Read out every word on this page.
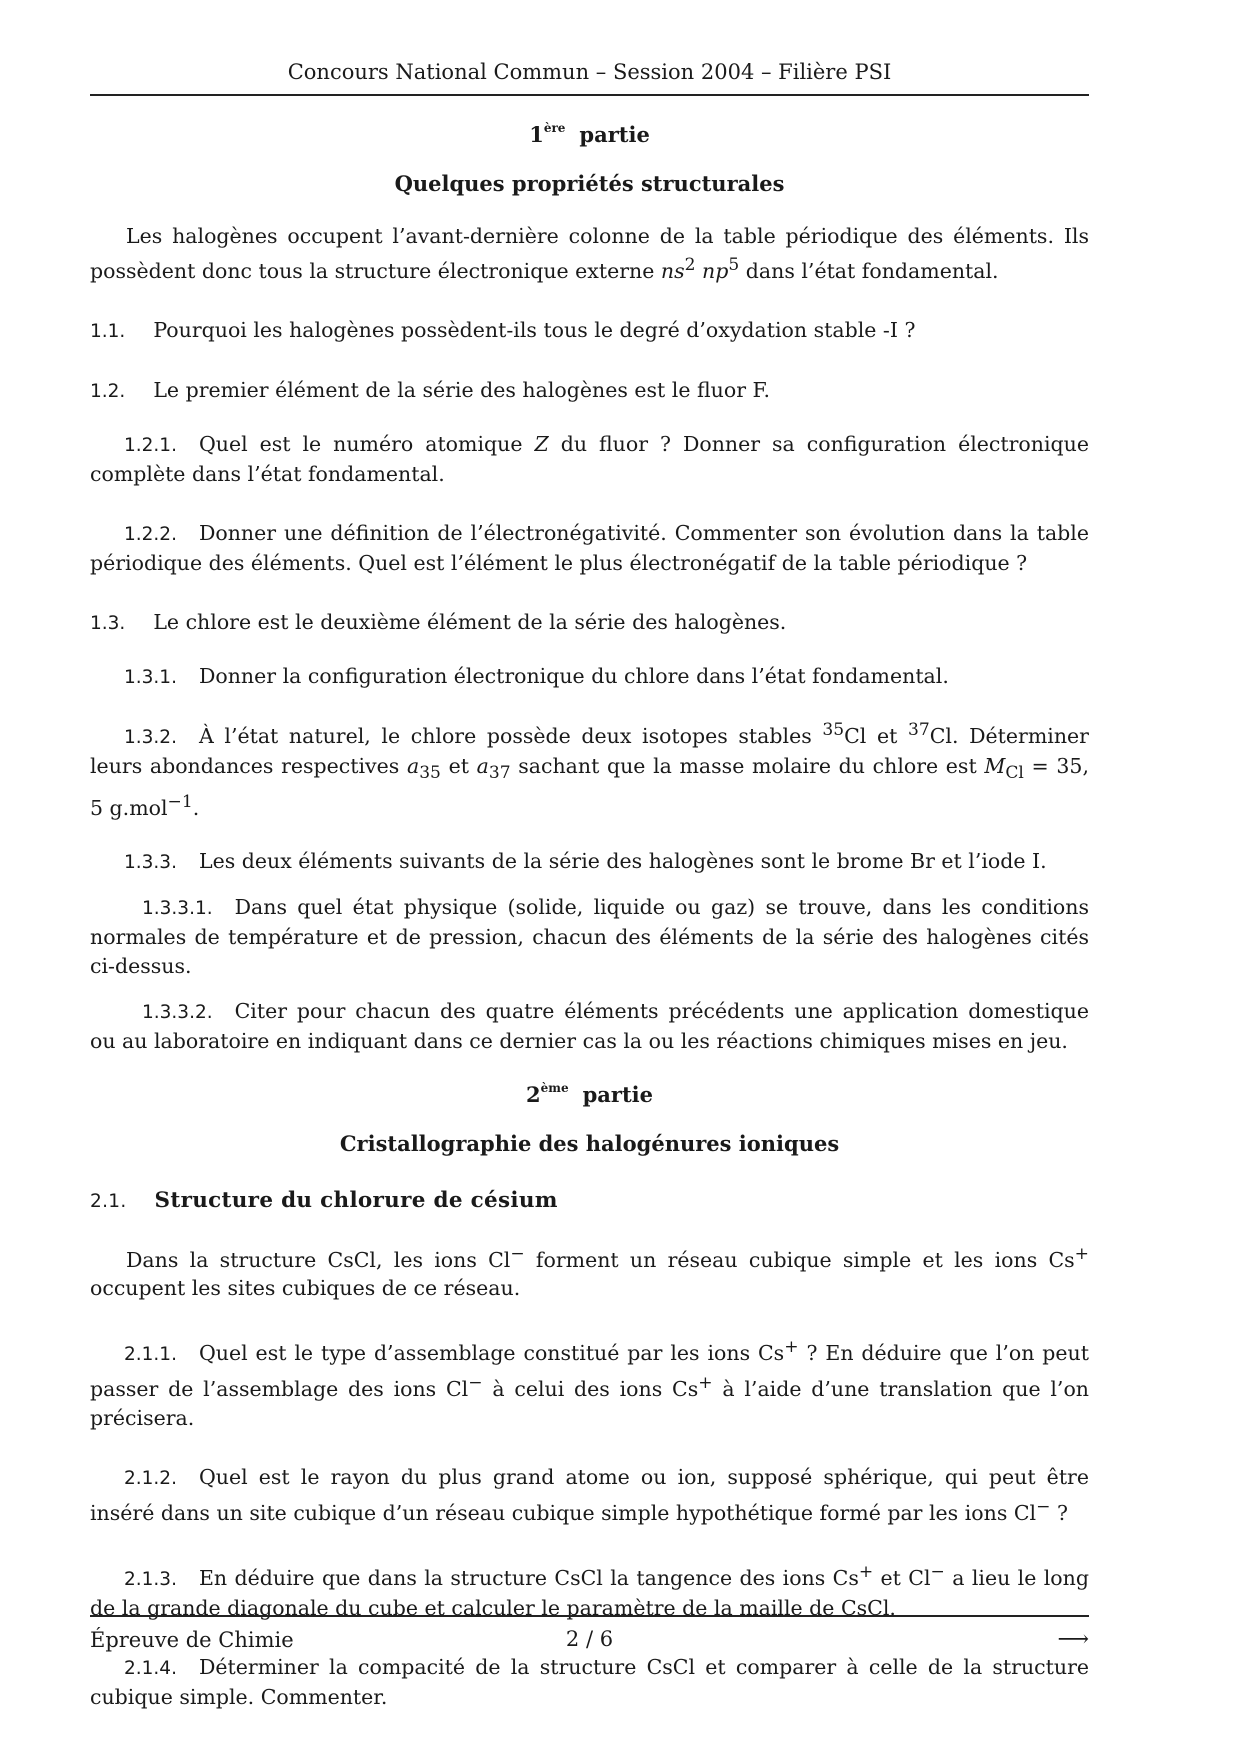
Concours National Commun – Session 2004 – Filière PSI
1ère partie
Quelques propriétés structurales

Les halogènes occupent l’avant-dernière colonne de la table périodique des éléments. Ils possèdent donc tous la structure électronique externe $ns^2$ $np^5$ dans l’état fondamental.

1.1. Pourquoi les halogènes possèdent-ils tous le degré d’oxydation stable -I ?

1.2. Le premier élément de la série des halogènes est le fluor F.

1.2.1. Quel est le numéro atomique Z du fluor ? Donner sa configuration électronique complète dans l’état fondamental.

1.2.2. Donner une définition de l’électronégativité. Commenter son évolution dans la table périodique des éléments. Quel est l’élément le plus électronégatif de la table périodique ?

1.3. Le chlore est le deuxième élément de la série des halogènes.

1.3.1. Donner la configuration électronique du chlore dans l’état fondamental.

1.3.2. À l’état naturel, le chlore possède deux isotopes stables $^{35}$Cl et $^{37}$Cl. Déterminer leurs abondances respectives $a_{35}$ et $a_{37}$ sachant que la masse molaire du chlore est $M_{Cl} = 35$, 5 g.mol$^{-1}$.

1.3.3. Les deux éléments suivants de la série des halogènes sont le brome Br et l’iode I.

1.3.3.1. Dans quel état physique (solide, liquide ou gaz) se trouve, dans les conditions normales de température et de pression, chacun des éléments de la série des halogènes cités ci-dessus.

1.3.3.2. Citer pour chacun des quatre éléments précédents une application domestique ou au laboratoire en indiquant dans ce dernier cas la ou les réactions chimiques mises en jeu.

2ème partie
Cristallographie des halogénures ioniques

2.1. Structure du chlorure de césium

Dans la structure CsCl, les ions Cl− forment un réseau cubique simple et les ions Cs+ occupent les sites cubiques de ce réseau.

2.1.1. Quel est le type d’assemblage constitué par les ions Cs+ ? En déduire que l’on peut passer de l’assemblage des ions Cl− à celui des ions Cs+ à l’aide d’une translation que l’on précisera.

2.1.2. Quel est le rayon du plus grand atome ou ion, supposé sphérique, qui peut être inséré dans un site cubique d’un réseau cubique simple hypothétique formé par les ions Cl− ?

2.1.3. En déduire que dans la structure CsCl la tangence des ions Cs+ et Cl− a lieu le long de la grande diagonale du cube et calculer le paramètre de la maille de CsCl.

2.1.4. Déterminer la compacité de la structure CsCl et comparer à celle de la structure cubique simple. Commenter.

Épreuve de Chimie	2 / 6	⟶
